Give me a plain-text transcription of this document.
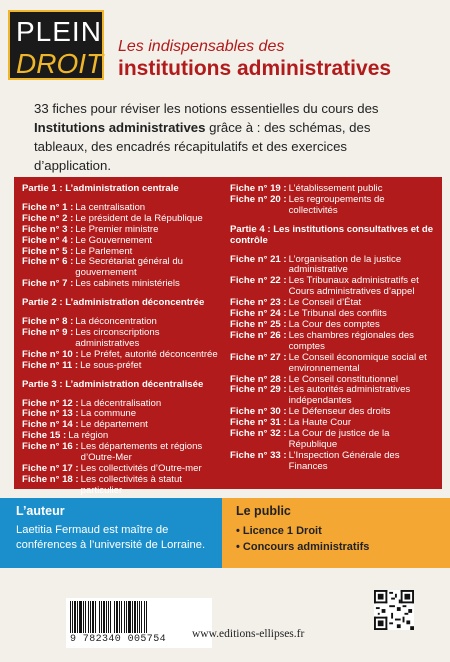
PLEIN
DROIT
Les indispensables des
institutions administratives
33 fiches pour réviser les notions essentielles du cours des Institutions administratives grâce à : des schémas, des tableaux, des encadrés récapitulatifs et des exercices d’application.
Partie 1 : L’administration centrale
Fiche n° 1 : La centralisation
Fiche n° 2 : Le président de la République
Fiche n° 3 : Le Premier ministre
Fiche n° 4 : Le Gouvernement
Fiche n° 5 : Le Parlement
Fiche n° 6 : Le Secrétariat général du gouvernement
Fiche n° 7 : Les cabinets ministériels
Partie 2 : L’administration déconcentrée
Fiche n° 8 : La déconcentration
Fiche n° 9 : Les circonscriptions administratives
Fiche n° 10 : Le Préfet, autorité déconcentrée
Fiche n° 11 : Le sous-préfet
Partie 3 : L’administration décentralisée
Fiche n° 12 : La décentralisation
Fiche n° 13 : La commune
Fiche n° 14 : Le département
Fiche 15 : La région
Fiche n° 16 : Les départements et régions d’Outre-Mer
Fiche n° 17 : Les collectivités d’Outre-mer
Fiche n° 18 : Les collectivités à statut particulier
Fiche n° 19 : L’établissement public
Fiche n° 20 : Les regroupements de collectivités
Partie 4 : Les institutions consultatives et de contrôle
Fiche n° 21 : L’organisation de la justice administrative
Fiche n° 22 : Les Tribunaux administratifs et Cours administratives d’appel
Fiche n° 23 : Le Conseil d’État
Fiche n° 24 : Le Tribunal des conflits
Fiche n° 25 : La Cour des comptes
Fiche n° 26 : Les chambres régionales des comptes
Fiche n° 27 : Le Conseil économique social et environnemental
Fiche n° 28 : Le Conseil constitutionnel
Fiche n° 29 : Les autorités administratives indépendantes
Fiche n° 30 : Le Défenseur des droits
Fiche n° 31 : La Haute Cour
Fiche n° 32 : La Cour de justice de la République
Fiche n° 33 : L’Inspection Générale des Finances
L’auteur
Laetitia Fermaud est maître de conférences à l’université de Lorraine.
Le public
• Licence 1 Droit
• Concours administratifs
9 782340 005754	www.editions-ellipses.fr
